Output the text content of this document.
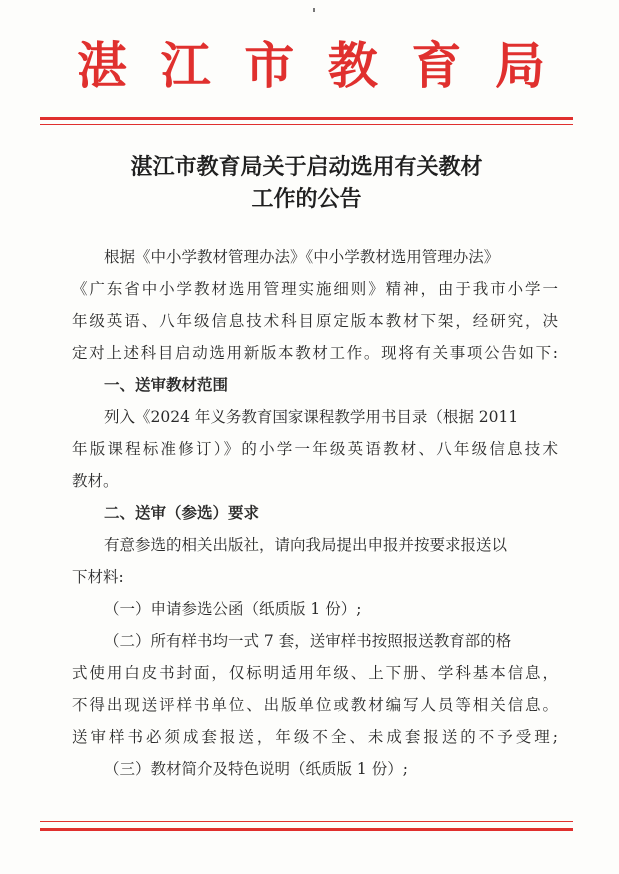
湛 江 市 教 育 局
湛江市教育局关于启动选用有关教材
工作的公告
根据《中小学教材管理办法》《中小学教材选用管理办法》
《广东省中小学教材选用管理实施细则》精神，由于我市小学一
年级英语、八年级信息技术科目原定版本教材下架，经研究，决
定对上述科目启动选用新版本教材工作。现将有关事项公告如下:
一、送审教材范围
列入《2024 年义务教育国家课程教学用书目录（根据 2011
年版课程标准修订）》的小学一年级英语教材、八年级信息技术
教材。
二、送审（参选）要求
有意参选的相关出版社，请向我局提出申报并按要求报送以
下材料:
（一）申请参选公函（纸质版 1 份）;
（二）所有样书均一式 7 套，送审样书按照报送教育部的格
式使用白皮书封面，仅标明适用年级、上下册、学科基本信息，
不得出现送评样书单位、出版单位或教材编写人员等相关信息。
送审样书必须成套报送，年级不全、未成套报送的不予受理;
（三）教材简介及特色说明（纸质版 1 份）;
